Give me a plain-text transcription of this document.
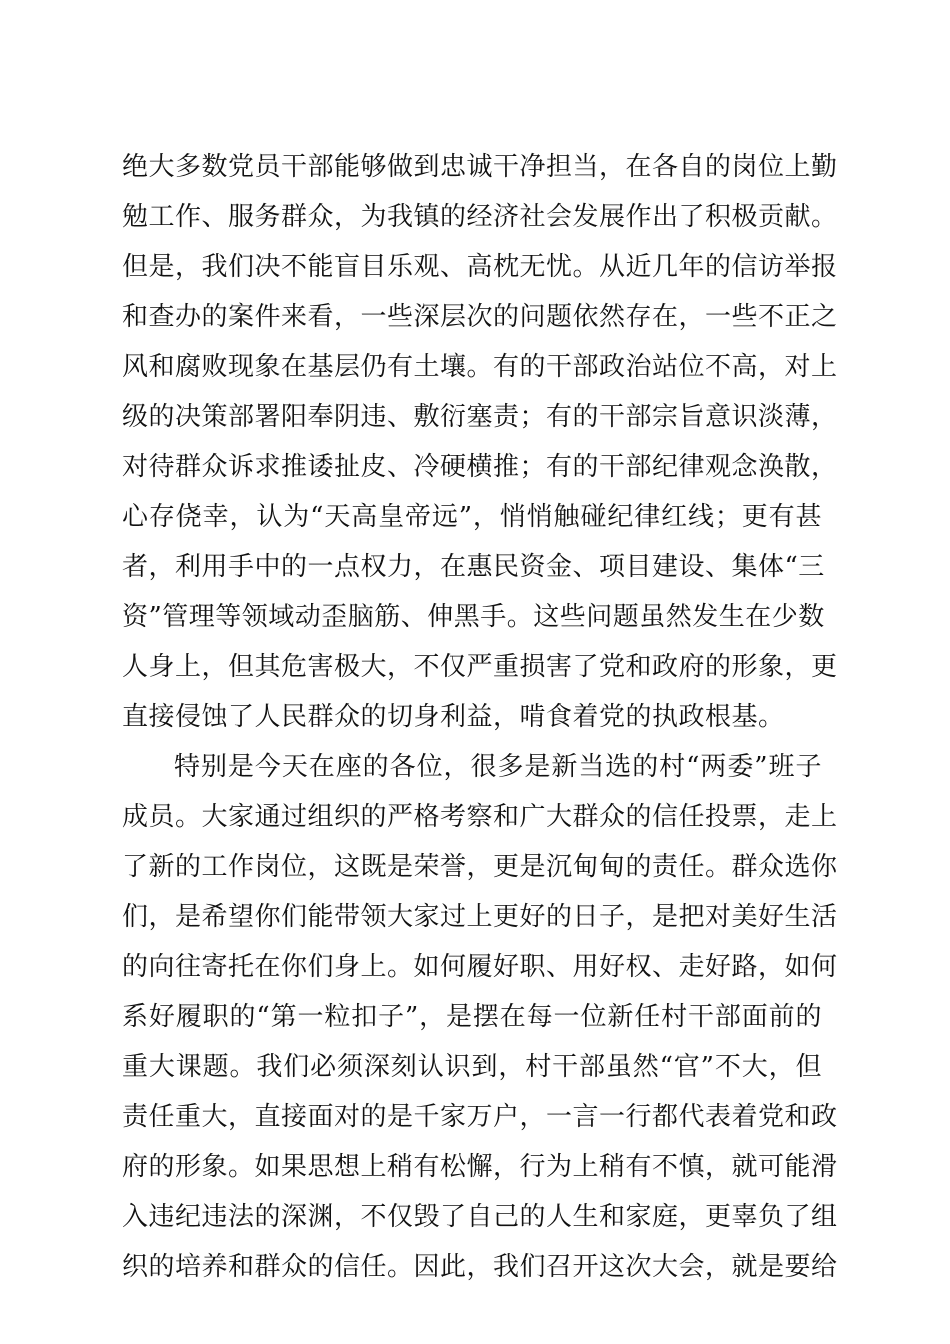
绝大多数党员干部能够做到忠诚干净担当，在各自的岗位上勤
勉工作、服务群众，为我镇的经济社会发展作出了积极贡献。
但是，我们决不能盲目乐观、高枕无忧。从近几年的信访举报
和查办的案件来看，一些深层次的问题依然存在，一些不正之
风和腐败现象在基层仍有土壤。有的干部政治站位不高，对上
级的决策部署阳奉阴违、敷衍塞责；有的干部宗旨意识淡薄，
对待群众诉求推诿扯皮、冷硬横推；有的干部纪律观念涣散，
心存侥幸，认为“天高皇帝远”，悄悄触碰纪律红线；更有甚
者，利用手中的一点权力，在惠民资金、项目建设、集体“三
资”管理等领域动歪脑筋、伸黑手。这些问题虽然发生在少数
人身上，但其危害极大，不仅严重损害了党和政府的形象，更
直接侵蚀了人民群众的切身利益，啃食着党的执政根基。
特别是今天在座的各位，很多是新当选的村“两委”班子
成员。大家通过组织的严格考察和广大群众的信任投票，走上
了新的工作岗位，这既是荣誉，更是沉甸甸的责任。群众选你
们，是希望你们能带领大家过上更好的日子，是把对美好生活
的向往寄托在你们身上。如何履好职、用好权、走好路，如何
系好履职的“第一粒扣子”，是摆在每一位新任村干部面前的
重大课题。我们必须深刻认识到，村干部虽然“官”不大，但
责任重大，直接面对的是千家万户，一言一行都代表着党和政
府的形象。如果思想上稍有松懈，行为上稍有不慎，就可能滑
入违纪违法的深渊，不仅毁了自己的人生和家庭，更辜负了组
织的培养和群众的信任。因此，我们召开这次大会，就是要给
